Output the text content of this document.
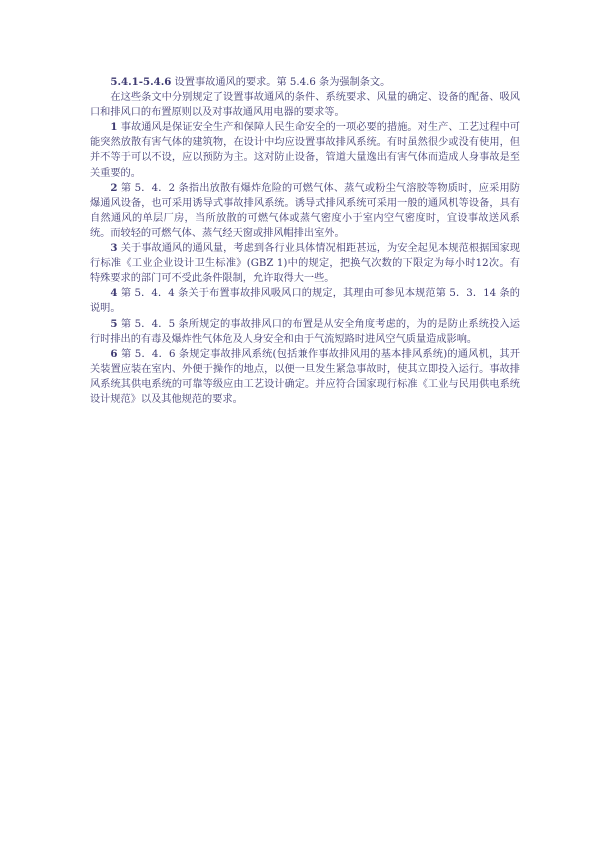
5.4.1-5.4.6 设置事故通风的要求。第 5.4.6 条为强制条文。

在这些条文中分别规定了设置事故通风的条件、系统要求、风量的确定、设备的配备、吸风口和排风口的布置原则以及对事故通风用电器的要求等。

1 事故通风是保证安全生产和保障人民生命安全的一项必要的措施。对生产、工艺过程中可能突然放散有害气体的建筑物，在设计中均应设置事故排风系统。有时虽然很少或没有使用，但并不等于可以不设，应以预防为主。这对防止设备，管道大量逸出有害气体而造成人身事故是至关重要的。

2 第 5．4．2 条指出放散有爆炸危险的可燃气体、蒸气或粉尘气溶胶等物质时，应采用防爆通风设备，也可采用诱导式事故排风系统。诱导式排风系统可采用一般的通风机等设备，具有自然通风的单层厂房，当所放散的可燃气体或蒸气密度小于室内空气密度时，宜设事故送风系统。而较轻的可燃气体、蒸气经天窗或排风帽排出室外。

3 关于事故通风的通风量，考虑到各行业具体情况相距甚远，为安全起见本规范根据国家现行标准《工业企业设计卫生标准》(GBZ 1)中的规定，把换气次数的下限定为每小时12次。有特殊要求的部门可不受此条件限制，允许取得大一些。

4 第 5．4．4 条关于布置事故排风吸风口的规定，其理由可参见本规范第 5．3．14 条的说明。

5 第 5．4．5 条所规定的事故排风口的布置是从安全角度考虑的，为的是防止系统投入运行时排出的有毒及爆炸性气体危及人身安全和由于气流短路时进风空气质量造成影响。

6 第 5．4．6 条规定事故排风系统(包括兼作事故排风用的基本排风系统)的通风机，其开关装置应装在室内、外便于操作的地点，以便一旦发生紧急事故时，使其立即投入运行。事故排风系统其供电系统的可靠等级应由工艺设计确定。并应符合国家现行标准《工业与民用供电系统设计规范》以及其他规范的要求。
